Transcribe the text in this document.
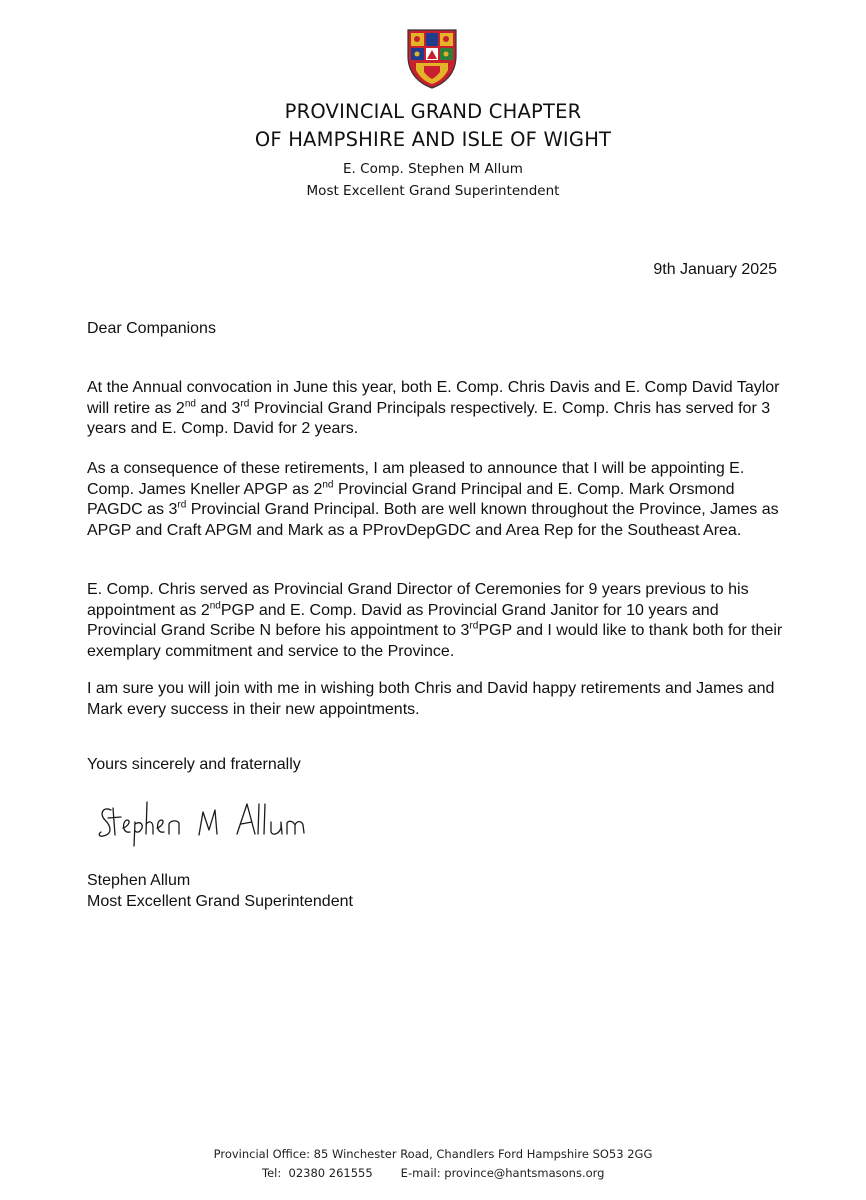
PROVINCIAL GRAND CHAPTER
OF HAMPSHIRE AND ISLE OF WIGHT
E. Comp. Stephen M Allum
Most Excellent Grand Superintendent
9th January 2025
Dear Companions

At the Annual convocation in June this year, both E. Comp. Chris Davis and E. Comp David Taylor will retire as 2nd and 3rd Provincial Grand Principals respectively. E. Comp. Chris has served for 3 years and E. Comp. David for 2 years.

As a consequence of these retirements, I am pleased to announce that I will be appointing E. Comp. James Kneller APGP as 2nd Provincial Grand Principal and E. Comp. Mark Orsmond PAGDC as 3rd Provincial Grand Principal. Both are well known throughout the Province, James as APGP and Craft APGM and Mark as a PProvDepGDC and Area Rep for the Southeast Area.

E. Comp. Chris served as Provincial Grand Director of Ceremonies for 9 years previous to his appointment as 2ndPGP and E. Comp. David as Provincial Grand Janitor for 10 years and Provincial Grand Scribe N before his appointment to 3rdPGP and I would like to thank both for their exemplary commitment and service to the Province.

I am sure you will join with me in wishing both Chris and David happy retirements and James and Mark every success in their new appointments.

Yours sincerely and fraternally
Stephen M Allum
Stephen Allum
Most Excellent Grand Superintendent
Provincial Office: 85 Winchester Road, Chandlers Ford Hampshire SO53 2GG
Tel: 02380 261555 E-mail: province@hantsmasons.org
